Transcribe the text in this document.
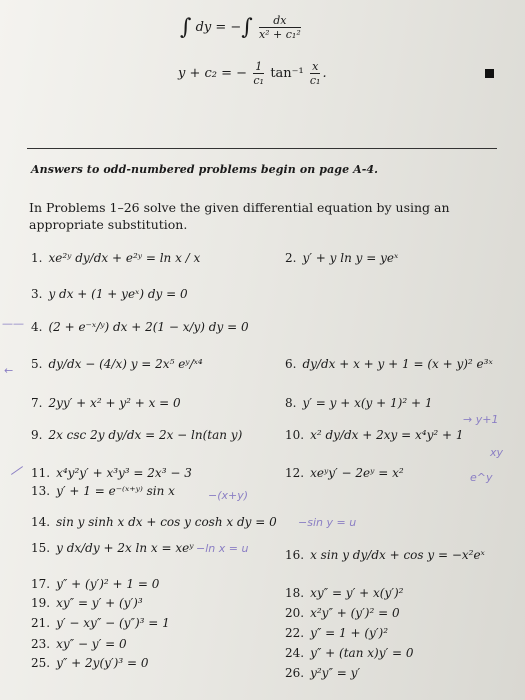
∫ dy = −∫ $\frac{dx}{\text{x² + c₁²}}$
y + c₂ = − $\frac{1}{\text{c₁}} \tan^{-1} \frac{x}{\text{c₁}}$ .
Answers to odd-numbered problems begin on page A-4.
In Problems 1–26 solve the given differential equation by using an appropriate substitution.
1. xe²ʸ dy/dx + e²ʸ = ln x / x	2. y′ + y ln y = yeˣ
3. y dx + (1 + yeˣ) dy = 0
4. (2 + e⁻ˣ/ʸ) dx + 2(1 − x/y) dy = 0
5. dy/dx − (4/x) y = 2x⁵ eʸ/ˣ⁴	6. dy/dx + x + y + 1 = (x + y)² e³ˣ
7. 2yy′ + x² + y² + x = 0	8. y′ = y + x(y + 1)² + 1
9. 2x csc 2y dy/dx = 2x − ln(tan y)	10. x² dy/dx + 2xy = x⁴y² + 1
11. x⁴y²y′ + x³y³ = 2x³ − 3	12. xeʸy′ − 2eʸ = x²
13. y′ + 1 = e⁻⁽ˣ⁺ʸ⁾ sin x
14. sin y sinh x dx + cos y cosh x dy = 0
15. y dx/dy + 2x ln x = xeʸ	16. x sin y dy/dx + cos y = −x²eˣ
17. y″ + (y′)² + 1 = 0
18. xy″ = y′ + x(y′)²
19. xy″ = y′ + (y′)³
20. x²y″ + (y′)² = 0
21. y′ − xy″ − (y″)³ = 1
22. y″ = 1 + (y′)²
23. xy″ − y′ = 0
24. y″ + (tan x)y′ = 0
25. y″ + 2y(y′)³ = 0
26. y²y″ = y′
——
←
→ y+1
xy
e^y
−(x+y)
−sin y = u
−ln x = u
